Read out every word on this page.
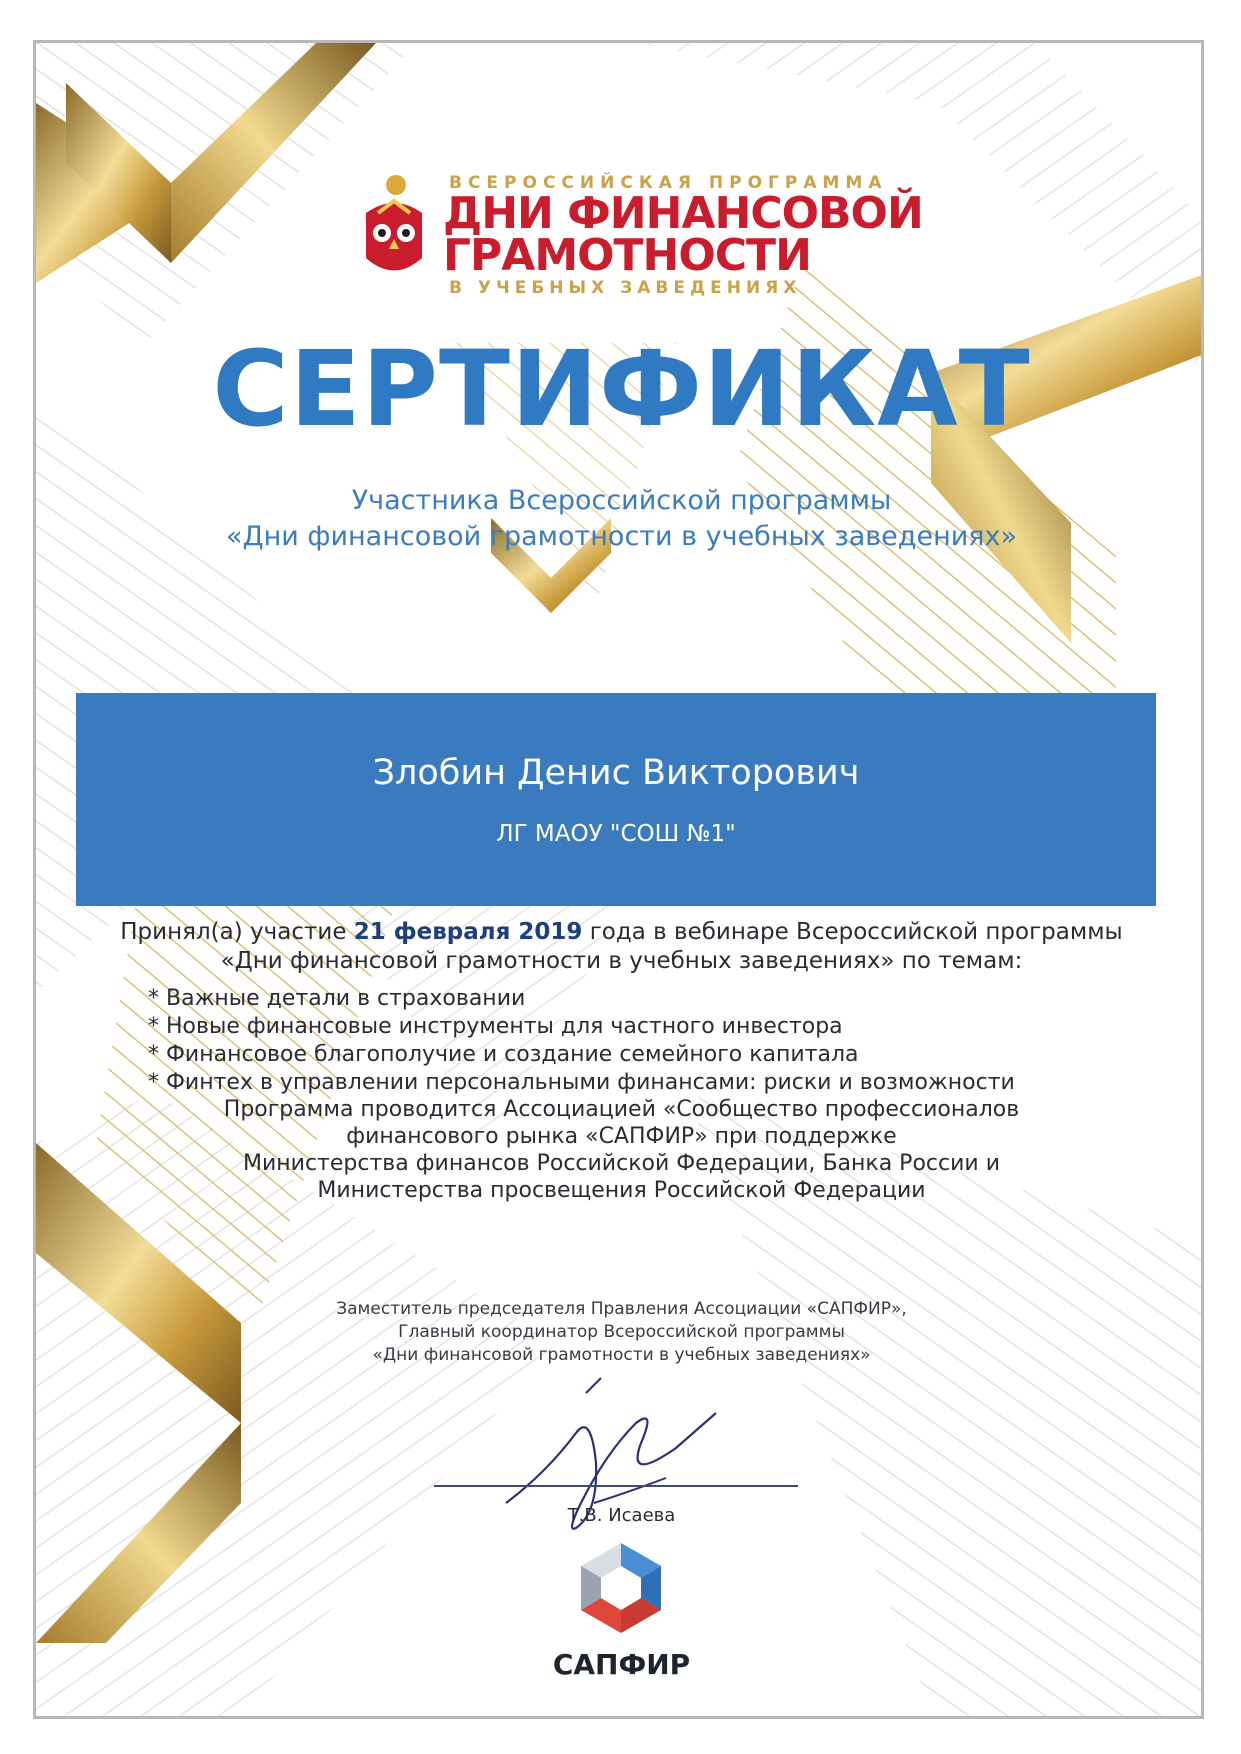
ВСЕРОССИЙСКАЯ ПРОГРАММА
ДНИ ФИНАНСОВОЙ
ГРАМОТНОСТИ
В УЧЕБНЫХ ЗАВЕДЕНИЯХ
СЕРТИФИКАТ
Участника Всероссийской программы
«Дни финансовой грамотности в учебных заведениях»
Злобин Денис Викторович
ЛГ МАОУ "СОШ №1"
Принял(а) участие 21 февраля 2019 года в вебинаре Всероссийской программы
«Дни финансовой грамотности в учебных заведениях» по темам:
* Важные детали в страховании
* Новые финансовые инструменты для частного инвестора
* Финансовое благополучие и создание семейного капитала
* Финтех в управлении персональными финансами: риски и возможности
Программа проводится Ассоциацией «Сообщество профессионалов
финансового рынка «САПФИР» при поддержке
Министерства финансов Российской Федерации, Банка России и
Министерства просвещения Российской Федерации
Заместитель председателя Правления Ассоциации «САПФИР»,
Главный координатор Всероссийской программы
«Дни финансовой грамотности в учебных заведениях»
Т.В. Исаева
САПФИР
